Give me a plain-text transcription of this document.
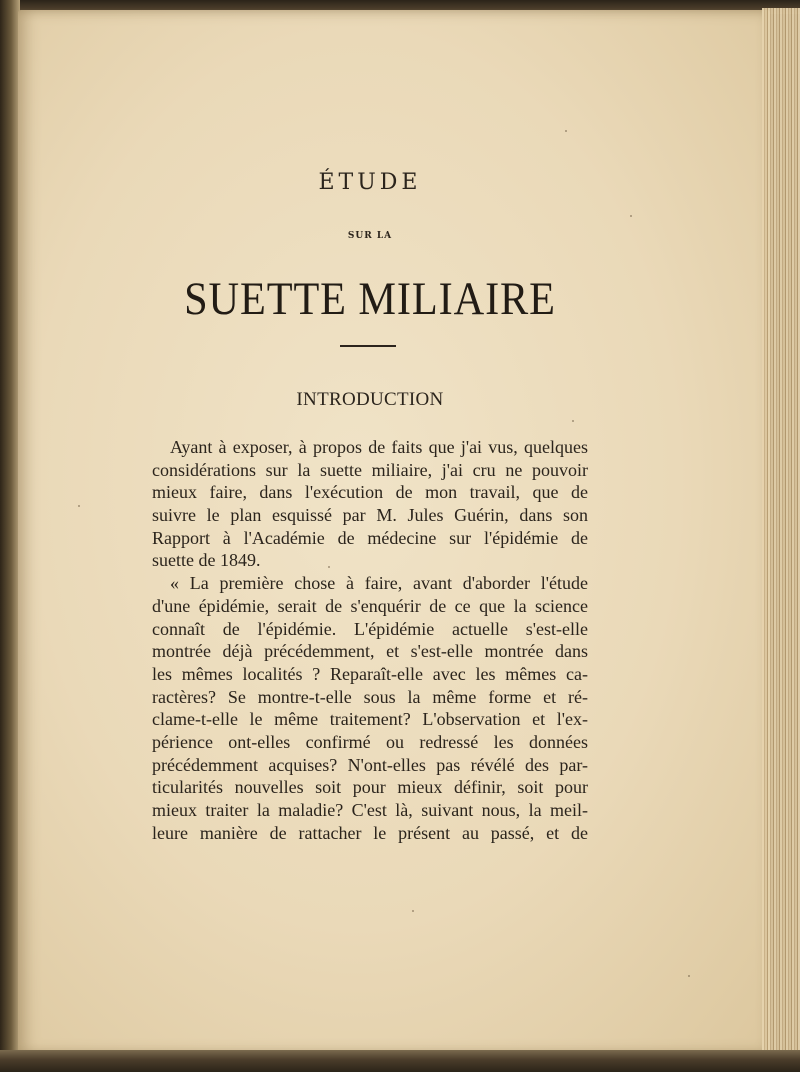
ÉTUDE
SUR LA
SUETTE MILIAIRE
INTRODUCTION
Ayant à exposer, à propos de faits que j'ai vus, quelques
considérations sur la suette miliaire, j'ai cru ne pouvoir
mieux faire, dans l'exécution de mon travail, que de
suivre le plan esquissé par M. Jules Guérin, dans son
Rapport à l'Académie de médecine sur l'épidémie de
suette de 1849.
« La première chose à faire, avant d'aborder l'étude
d'une épidémie, serait de s'enquérir de ce que la science
connaît de l'épidémie. L'épidémie actuelle s'est-elle
montrée déjà précédemment, et s'est-elle montrée dans
les mêmes localités ? Reparaît-elle avec les mêmes ca-
ractères? Se montre-t-elle sous la même forme et ré-
clame-t-elle le même traitement? L'observation et l'ex-
périence ont-elles confirmé ou redressé les données
précédemment acquises? N'ont-elles pas révélé des par-
ticularités nouvelles soit pour mieux définir, soit pour
mieux traiter la maladie? C'est là, suivant nous, la meil-
leure manière de rattacher le présent au passé, et de
